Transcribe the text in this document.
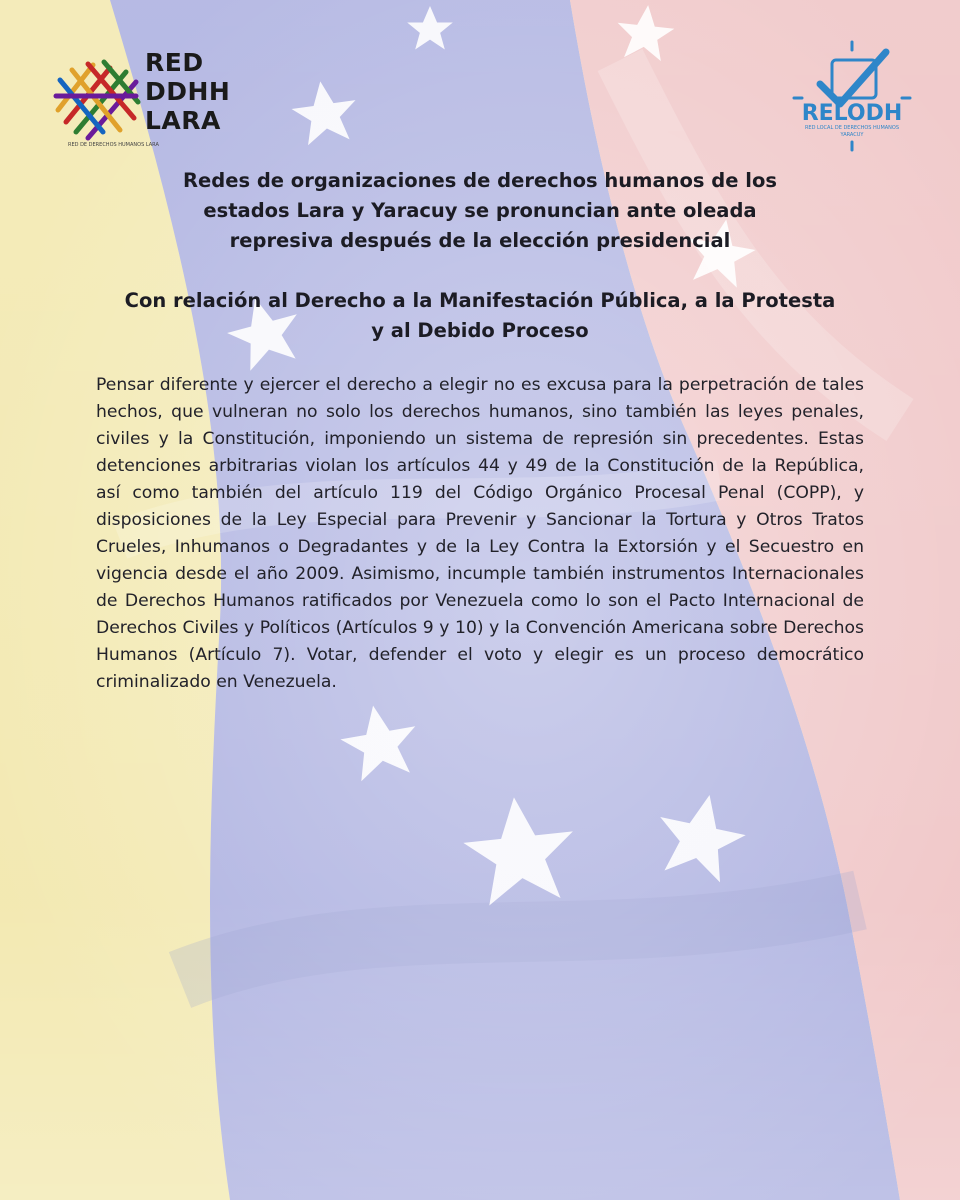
RED DE DERECHOS HUMANOS LARA
RED
DDHH
LARA	RELODH
RED LOCAL DE DERECHOS HUMANOS
YARACUY
Redes de organizaciones de derechos humanos de los estados Lara y Yaracuy se pronuncian ante oleada represiva después de la elección presidencial
Con relación al Derecho a la Manifestación Pública, a la Protesta y al Debido Proceso

Pensar diferente y ejercer el derecho a elegir no es excusa para la perpetración de tales hechos, que vulneran no solo los derechos humanos, sino también las leyes penales, civiles y la Constitución, imponiendo un sistema de represión sin precedentes. Estas detenciones arbitrarias violan los artículos 44 y 49 de la Constitución de la República, así como también del artículo 119 del Código Orgánico Procesal Penal (COPP), y disposiciones de la Ley Especial para Prevenir y Sancionar la Tortura y Otros Tratos Crueles, Inhumanos o Degradantes y de la Ley Contra la Extorsión y el Secuestro en vigencia desde el año 2009. Asimismo, incumple también instrumentos Internacionales de Derechos Humanos ratificados por Venezuela como lo son el Pacto Internacional de Derechos Civiles y Políticos (Artículos 9 y 10) y la Convención Americana sobre Derechos Humanos (Artículo 7). Votar, defender el voto y elegir es un proceso democrático criminalizado en Venezuela.
